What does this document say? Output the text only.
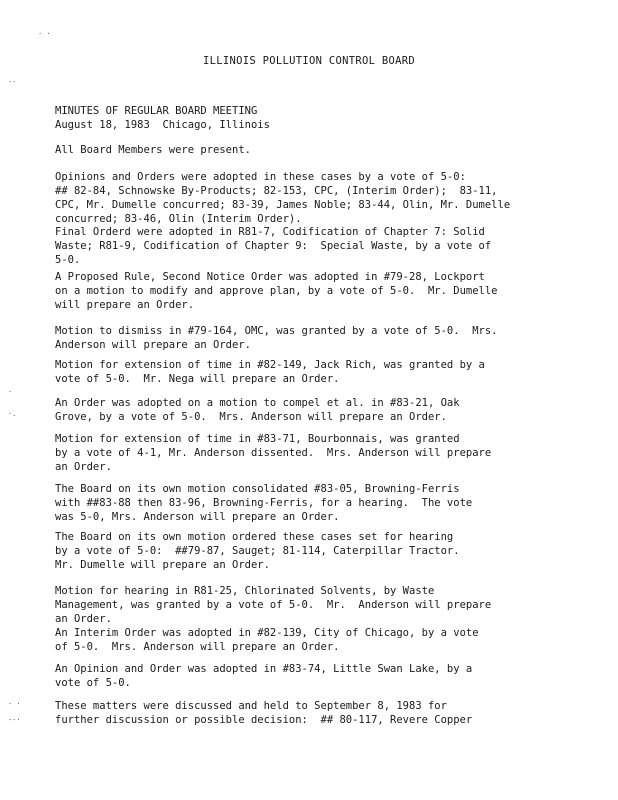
· ·
·-
·
·.
· ·
·-·
ILLINOIS POLLUTION CONTROL BOARD
MINUTES OF REGULAR BOARD MEETING
August 18, 1983  Chicago, Illinois
All Board Members were present.
Opinions and Orders were adopted in these cases by a vote of 5-0:
## 82-84, Schnowske By-Products; 82-153, CPC, (Interim Order);  83-11,
CPC, Mr. Dumelle concurred; 83-39, James Noble; 83-44, Olin, Mr. Dumelle
concurred; 83-46, Olin (Interim Order).
Final Orderd were adopted in R81-7, Codification of Chapter 7: Solid
Waste; R81-9, Codification of Chapter 9:  Special Waste, by a vote of
5-0.
A Proposed Rule, Second Notice Order was adopted in #79-28, Lockport
on a motion to modify and approve plan, by a vote of 5-0.  Mr. Dumelle
will prepare an Order.
Motion to dismiss in #79-164, OMC, was granted by a vote of 5-0.  Mrs.
Anderson will prepare an Order.
Motion for extension of time in #82-149, Jack Rich, was granted by a
vote of 5-0.  Mr. Nega will prepare an Order.
An Order was adopted on a motion to compel et al. in #83-21, Oak
Grove, by a vote of 5-0.  Mrs. Anderson will prepare an Order.
Motion for extension of time in #83-71, Bourbonnais, was granted
by a vote of 4-1, Mr. Anderson dissented.  Mrs. Anderson will prepare
an Order.
The Board on its own motion consolidated #83-05, Browning-Ferris
with ##83-88 then 83-96, Browning-Ferris, for a hearing.  The vote
was 5-0, Mrs. Anderson will prepare an Order.
The Board on its own motion ordered these cases set for hearing
by a vote of 5-0:  ##79-87, Sauget; 81-114, Caterpillar Tractor.
Mr. Dumelle will prepare an Order.
Motion for hearing in R81-25, Chlorinated Solvents, by Waste
Management, was granted by a vote of 5-0.  Mr.  Anderson will prepare
an Order.
An Interim Order was adopted in #82-139, City of Chicago, by a vote
of 5-0.  Mrs. Anderson will prepare an Order.
An Opinion and Order was adopted in #83-74, Little Swan Lake, by a
vote of 5-0.
These matters were discussed and held to September 8, 1983 for
further discussion or possible decision:  ## 80-117, Revere Copper
